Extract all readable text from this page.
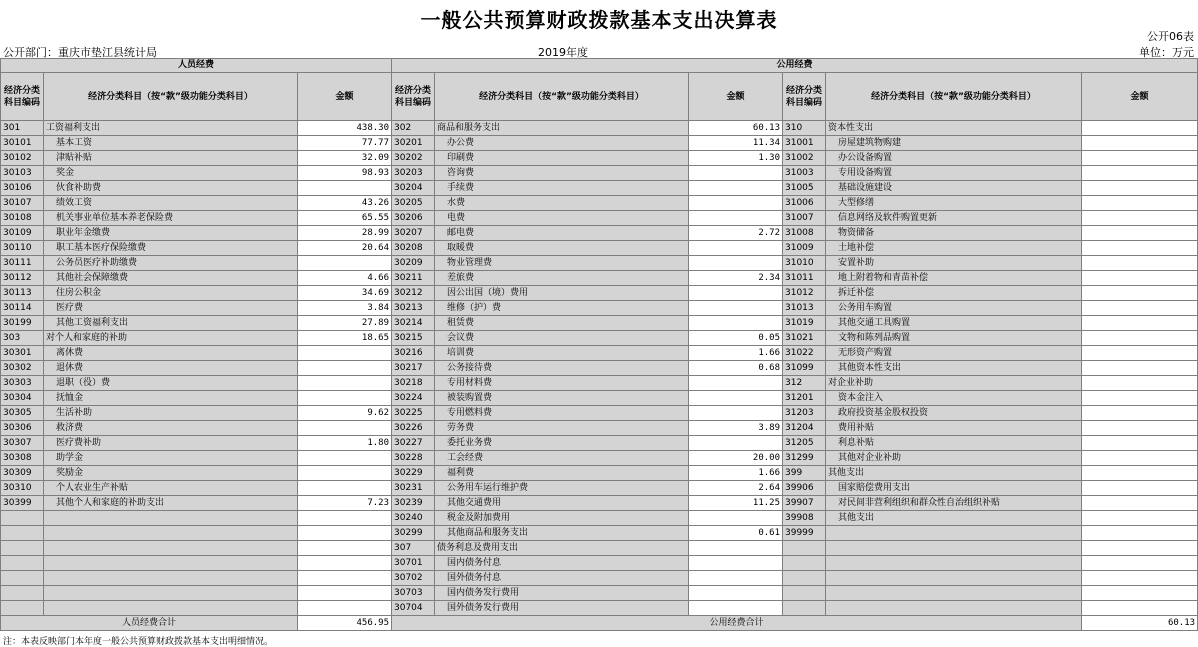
一般公共预算财政拨款基本支出决算表
公开06表
公开部门：重庆市垫江县统计局	2019年度	单位：万元
人员经费			公用经费					
经济分类科目编码	经济分类科目（按“款”级功能分类科目）	金额	经济分类科目编码	经济分类科目（按“款”级功能分类科目）	金额	经济分类科目编码	经济分类科目（按“款”级功能分类科目）	金额
301	工资福利支出	438.30	302	商品和服务支出	60.13	310	资本性支出	
30101	基本工资	77.77	30201	办公费	11.34	31001	房屋建筑物购建	
30102	津贴补贴	32.09	30202	印刷费	1.30	31002	办公设备购置	
30103	奖金	98.93	30203	咨询费		31003	专用设备购置	
30106	伙食补助费		30204	手续费		31005	基础设施建设	
30107	绩效工资	43.26	30205	水费		31006	大型修缮	
30108	机关事业单位基本养老保险费	65.55	30206	电费		31007	信息网络及软件购置更新	
30109	职业年金缴费	28.99	30207	邮电费	2.72	31008	物资储备	
30110	职工基本医疗保险缴费	20.64	30208	取暖费		31009	土地补偿	
30111	公务员医疗补助缴费		30209	物业管理费		31010	安置补助	
30112	其他社会保障缴费	4.66	30211	差旅费	2.34	31011	地上附着物和青苗补偿	
30113	住房公积金	34.69	30212	因公出国（境）费用		31012	拆迁补偿	
30114	医疗费	3.84	30213	维修（护）费		31013	公务用车购置	
30199	其他工资福利支出	27.89	30214	租赁费		31019	其他交通工具购置	
303	对个人和家庭的补助	18.65	30215	会议费	0.05	31021	文物和陈列品购置	
30301	离休费		30216	培训费	1.66	31022	无形资产购置	
30302	退休费		30217	公务接待费	0.68	31099	其他资本性支出	
30303	退职（役）费		30218	专用材料费		312	对企业补助	
30304	抚恤金		30224	被装购置费		31201	资本金注入	
30305	生活补助	9.62	30225	专用燃料费		31203	政府投资基金股权投资	
30306	救济费		30226	劳务费	3.89	31204	费用补贴	
30307	医疗费补助	1.80	30227	委托业务费		31205	利息补贴	
30308	助学金		30228	工会经费	20.00	31299	其他对企业补助	
30309	奖励金		30229	福利费	1.66	399	其他支出	
30310	个人农业生产补贴		30231	公务用车运行维护费	2.64	39906	国家赔偿费用支出	
30399	其他个人和家庭的补助支出	7.23	30239	其他交通费用	11.25	39907	对民间非营利组织和群众性自治组织补贴	
			30240	税金及附加费用		39908	其他支出	
			30299	其他商品和服务支出	0.61	39999		
			307	债务利息及费用支出				
			30701	国内债务付息				
			30702	国外债务付息				
			30703	国内债务发行费用				
			30704	国外债务发行费用				
人员经费合计		456.95	公用经费合计					60.13
注：本表反映部门本年度一般公共预算财政拨款基本支出明细情况。
